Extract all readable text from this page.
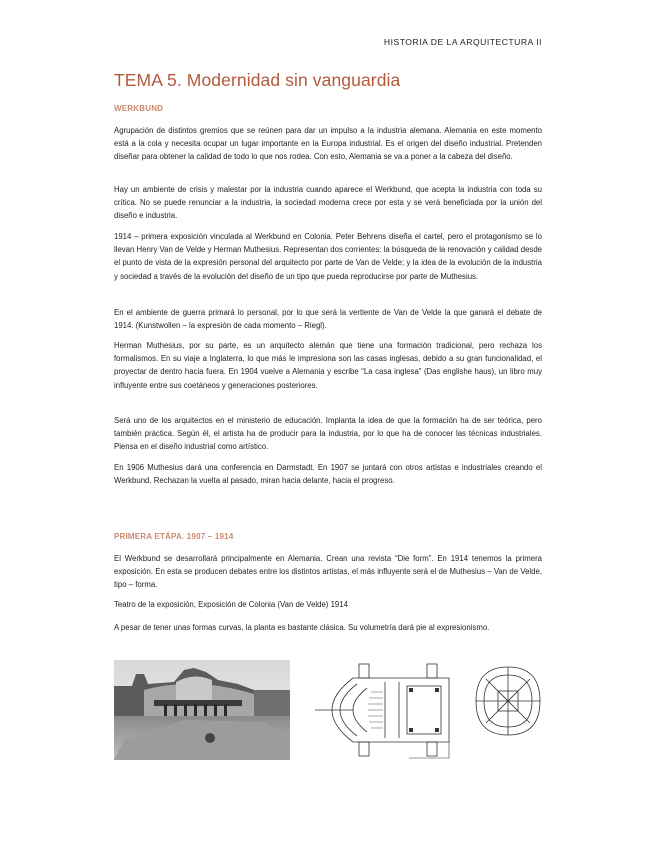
HISTORIA DE LA ARQUITECTURA II
TEMA 5. Modernidad sin vanguardia
WERKBUND

Agrupación de distintos gremios que se reúnen para dar un impulso a la industria alemana. Alemania en este momento está a la cola y necesita ocupar un lugar importante en la Europa industrial. Es el origen del diseño industrial. Pretenden diseñar para obtener la calidad de todo lo que nos rodea. Con esto, Alemania se va a poner a la cabeza del diseño.

Hay un ambiente de crisis y malestar por la industria cuando aparece el Werkbund, que acepta la industria con toda su crítica. No se puede renunciar a la industria, la sociedad moderna crece por esta y se verá beneficiada por la unión del diseño e industria.

1914 – primera exposición vinculada al Werkbund en Colonia. Peter Behrens diseña el cartel, pero el protagonismo se lo llevan Henry Van de Velde y Herman Muthesius. Representan dos corrientes: la búsqueda de la renovación y calidad desde el punto de vista de la expresión personal del arquitecto por parte de Van de Velde; y la idea de la evolución de la industria y sociedad a través de la evolución del diseño de un tipo que pueda reproducirse por parte de Muthesius.

En el ambiente de guerra primará lo personal, por lo que será la vertiente de Van de Velde la que ganará el debate de 1914. (Kunstwollen – la expresión de cada momento – Riegl).

Herman Muthesius, por su parte, es un arquitecto alemán que tiene una formación tradicional, pero rechaza los formalismos. En su viaje a Inglaterra, lo que más le impresiona son las casas inglesas, debido a su gran funcionalidad, el proyectar de dentro hacia fuera. En 1904 vuelve a Alemania y escribe “La casa inglesa” (Das englishe haus), un libro muy influyente entre sus coetáneos y generaciones posteriores.

Será uno de los arquitectos en el ministerio de educación. Implanta la idea de que la formación ha de ser teórica, pero también práctica. Según él, el artista ha de producir para la industria, por lo que ha de conocer las técnicas industriales. Piensa en el diseño industrial como artístico.

En 1906 Muthesius dará una conferencia en Darmstadt. En 1907 se juntará con otros artistas e industriales creando el Werkbund. Rechazan la vuelta al pasado, miran hacia delante, hacia el progreso.

PRIMERA ETÁPA. 1907 – 1914

El Werkbund se desarrollará principalmente en Alemania. Crean una revista “Die form”. En 1914 tenemos la primera exposición. En esta se producen debates entre los distintos artistas, el más influyente será el de Muthesius – Van de Velde, tipo – forma.

Teatro de la exposición, Exposición de Colonia (Van de Velde) 1914

A pesar de tener unas formas curvas, la planta es bastante clásica. Su volumetría dará pie al expresionismo.
